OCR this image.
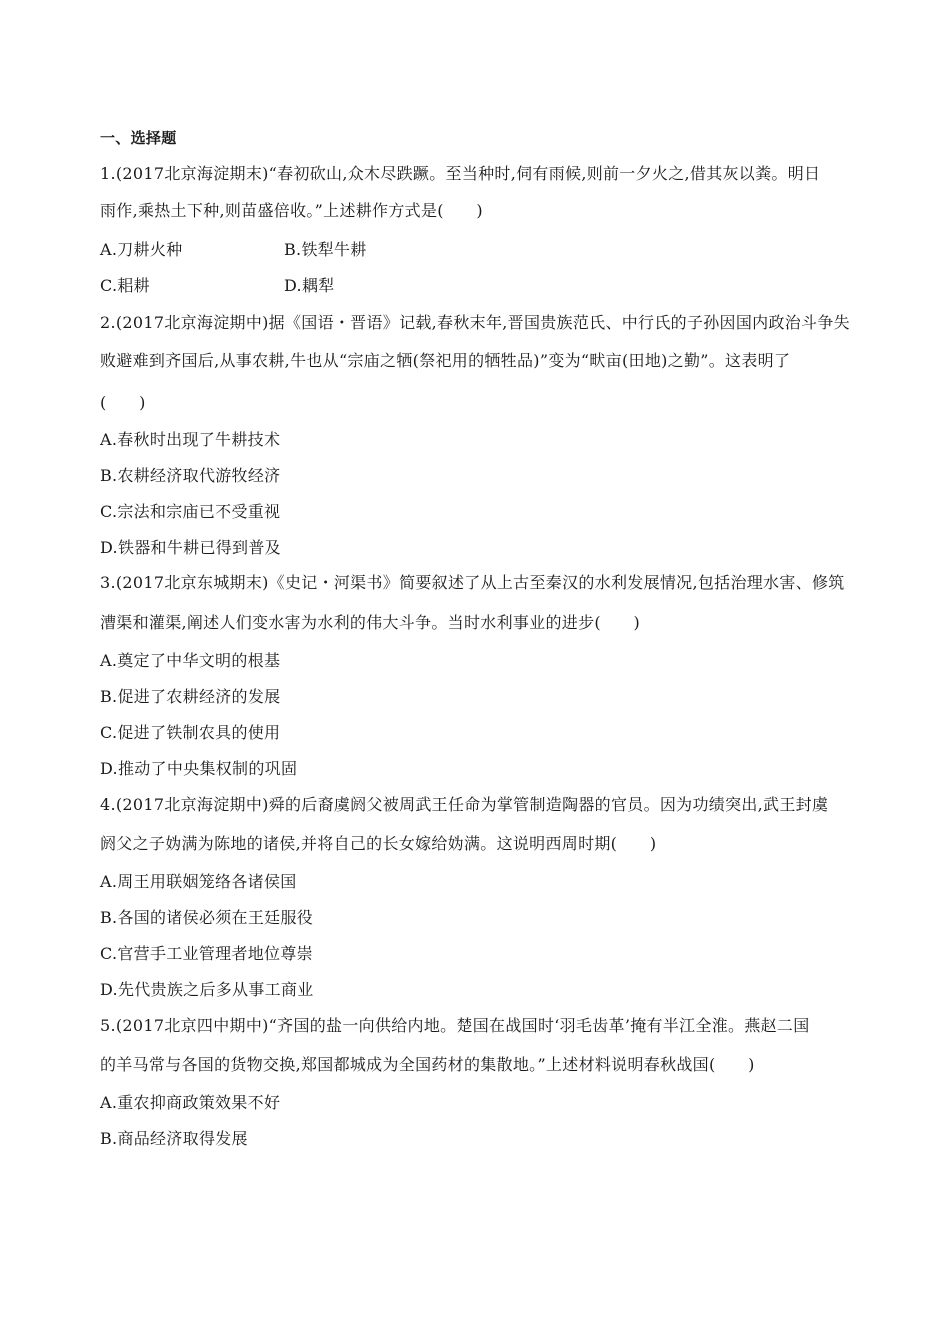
一、选择题
1.(2017北京海淀期末)“春初砍山,众木尽跌蹶。至当种时,伺有雨候,则前一夕火之,借其灰以粪。明日
雨作,乘热土下种,则苗盛倍收。”上述耕作方式是(　　)
A.刀耕火种	B.铁犁牛耕
C.耜耕	D.耦犁
2.(2017北京海淀期中)据《国语・晋语》记载,春秋末年,晋国贵族范氏、中行氏的子孙因国内政治斗争失
败避难到齐国后,从事农耕,牛也从“宗庙之牺(祭祀用的牺牲品)”变为“畎亩(田地)之勤”。这表明了
(　　)
A.春秋时出现了牛耕技术
B.农耕经济取代游牧经济
C.宗法和宗庙已不受重视
D.铁器和牛耕已得到普及
3.(2017北京东城期末)《史记・河渠书》简要叙述了从上古至秦汉的水利发展情况,包括治理水害、修筑
漕渠和灌渠,阐述人们变水害为水利的伟大斗争。当时水利事业的进步(　　)
A.奠定了中华文明的根基
B.促进了农耕经济的发展
C.促进了铁制农具的使用
D.推动了中央集权制的巩固
4.(2017北京海淀期中)舜的后裔虞阏父被周武王任命为掌管制造陶器的官员。因为功绩突出,武王封虞
阏父之子妫满为陈地的诸侯,并将自己的长女嫁给妫满。这说明西周时期(　　)
A.周王用联姻笼络各诸侯国
B.各国的诸侯必须在王廷服役
C.官营手工业管理者地位尊崇
D.先代贵族之后多从事工商业
5.(2017北京四中期中)“齐国的盐一向供给内地。楚国在战国时‘羽毛齿革’掩有半江全淮。燕赵二国
的羊马常与各国的货物交换,郑国都城成为全国药材的集散地。”上述材料说明春秋战国(　　)
A.重农抑商政策效果不好
B.商品经济取得发展
